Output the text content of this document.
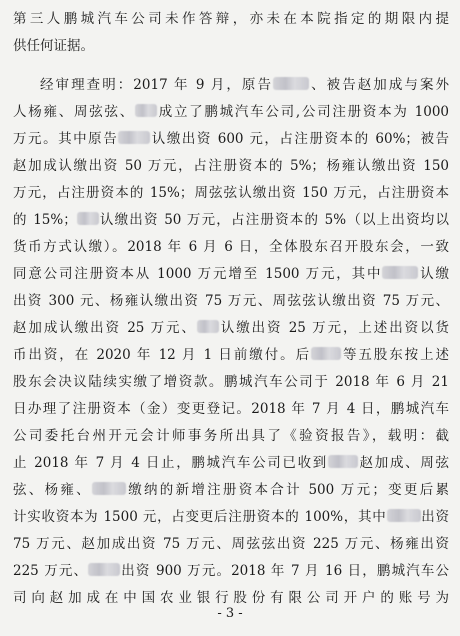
第三人鹏城汽车公司未作答辩，亦未在本院指定的期限内提
供任何证据。
经审理查明：2017 年 9 月，原告	、被告赵加成与案外
人杨雍、周弦弦、 成立了鹏城汽车公司,公司注册资本为 1000
万元。其中原告 认缴出资 600 元，占注册资本的 60%；被告
赵加成认缴出资 50 万元，占注册资本的 5%；杨雍认缴出资 150
万元，占注册资本的 15%；周弦弦认缴出资 150 万元，占注册资本
的 15%； 认缴出资 50 万元，占注册资本的 5%（以上出资均以
货币方式认缴）。2018 年 6 月 6 日，全体股东召开股东会，一致
同意公司注册资本从 1000 万元增至 1500 万元，其中	认缴
出资 300 元、杨雍认缴出资 75 万元、周弦弦认缴出资 75 万元、
赵加成认缴出资 25 万元、 认缴出资 25 万元，上述出资以货
币出资，在 2020 年 12 月 1 日前缴付。后 等五股东按上述
股东会决议陆续实缴了增资款。鹏城汽车公司于 2018 年 6 月 21
日办理了注册资本（金）变更登记。2018 年 7 月 4 日，鹏城汽车
公司委托台州开元会计师事务所出具了《验资报告》，载明：截
止 2018 年 7 月 4 日止，鹏城汽车公司已收到 赵加成、周弦
弦、杨雍、	缴纳的新增注册资本合计 500 万元；变更后累
计实收资本为 1500 元，占变更后注册资本的 100%，其中	出资
75 万元、赵加成出资 75 万元、周弦弦出资 225 万元、杨雍出资
225 万元、 出资 900 万元。2018 年 7 月 16 日，鹏城汽车公
司向赵加成在中国农业银行股份有限公司开户的账号为
- 3 -
